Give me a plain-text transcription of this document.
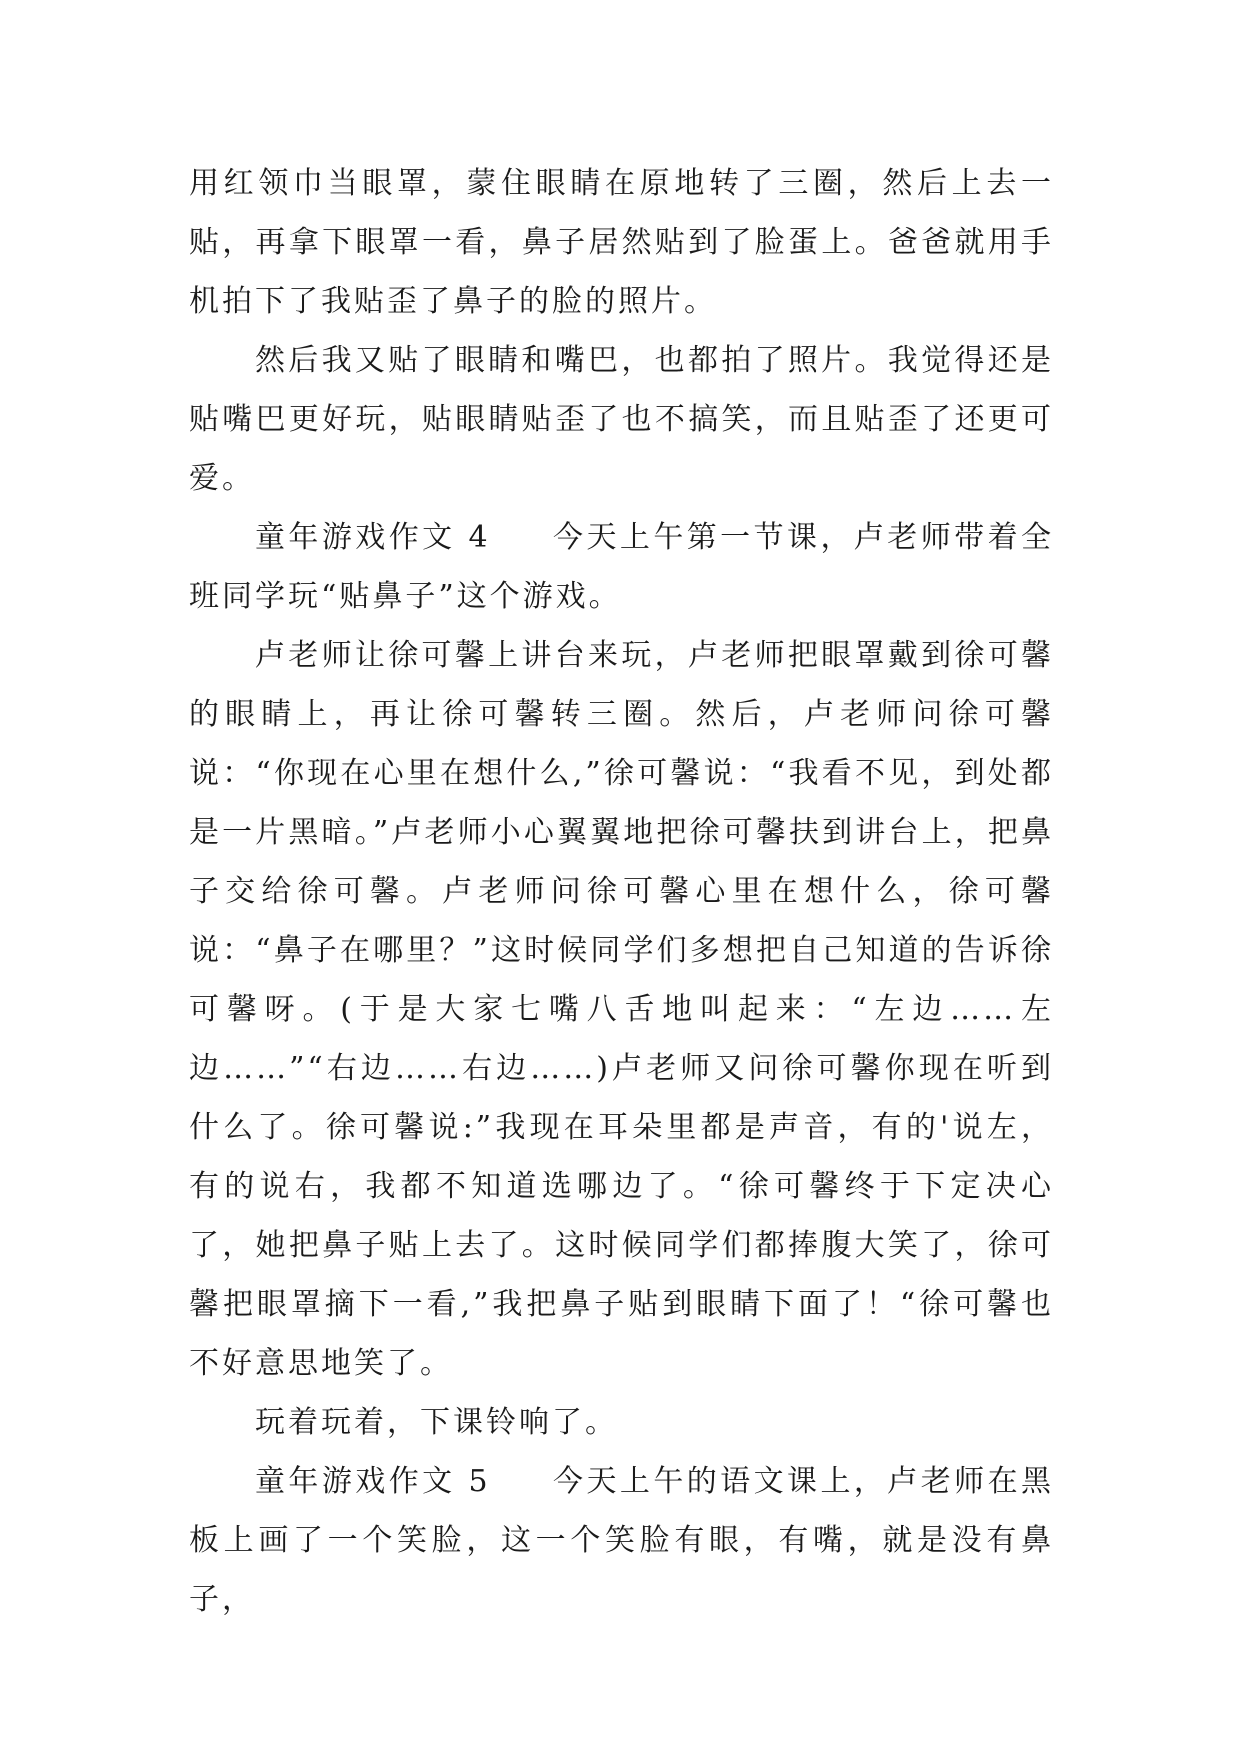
用红领巾当眼罩，蒙住眼睛在原地转了三圈，然后上去一贴，再拿下眼罩一看，鼻子居然贴到了脸蛋上。爸爸就用手机拍下了我贴歪了鼻子的脸的照片。

然后我又贴了眼睛和嘴巴，也都拍了照片。我觉得还是贴嘴巴更好玩，贴眼睛贴歪了也不搞笑，而且贴歪了还更可爱。

童年游戏作文 4 今天上午第一节课，卢老师带着全班同学玩“贴鼻子”这个游戏。

卢老师让徐可馨上讲台来玩，卢老师把眼罩戴到徐可馨的眼睛上，再让徐可馨转三圈。然后，卢老师问徐可馨说：“你现在心里在想什么,”徐可馨说：“我看不见，到处都是一片黑暗。”卢老师小心翼翼地把徐可馨扶到讲台上，把鼻子交给徐可馨。卢老师问徐可馨心里在想什么，徐可馨说：“鼻子在哪里？”这时候同学们多想把自己知道的告诉徐可馨呀。(于是大家七嘴八舌地叫起来：“左边……左边……”“右边……右边……)卢老师又问徐可馨你现在听到什么了。徐可馨说:”我现在耳朵里都是声音，有的'说左，有的说右，我都不知道选哪边了。“徐可馨终于下定决心了，她把鼻子贴上去了。这时候同学们都捧腹大笑了，徐可馨把眼罩摘下一看,”我把鼻子贴到眼睛下面了！“徐可馨也不好意思地笑了。

玩着玩着，下课铃响了。

童年游戏作文 5 今天上午的语文课上，卢老师在黑板上画了一个笑脸，这一个笑脸有眼，有嘴，就是没有鼻子，
